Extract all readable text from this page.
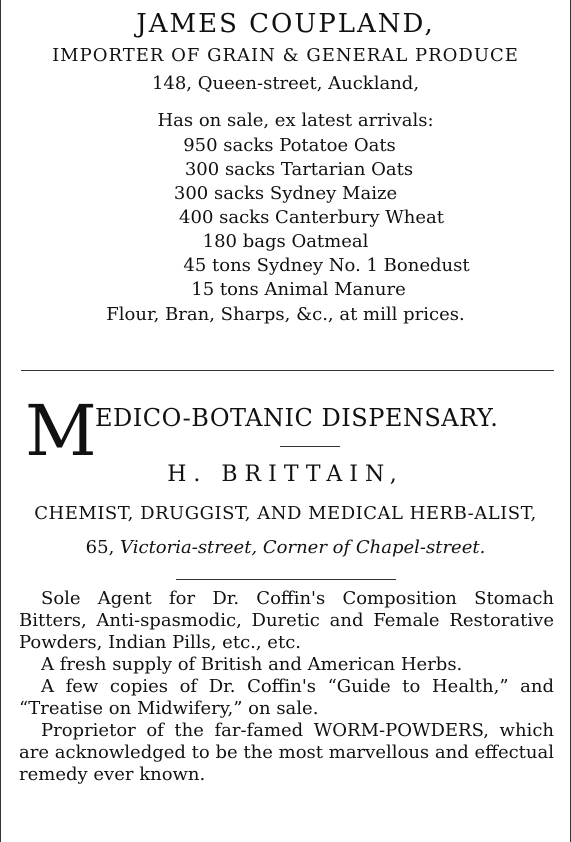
JAMES COUPLAND,
IMPORTER OF GRAIN & GENERAL PRODUCE
148, Queen-street, Auckland,
Has on sale, ex latest arrivals:
950 sacks Potatoe Oats
300 sacks Tartarian Oats
300 sacks Sydney Maize
400 sacks Canterbury Wheat
180 bags Oatmeal
45 tons Sydney No. 1 Bonedust
15 tons Animal Manure
Flour, Bran, Sharps, &c., at mill prices.
M
EDICO-BOTANIC DISPENSARY.
H. BRITTAIN,
CHEMIST, DRUGGIST, AND MEDICAL HERB-ALIST,
65, Victoria-street, Corner of Chapel-street.

Sole Agent for Dr. Coffin's Composition Stomach Bitters, Anti-spasmodic, Duretic and Female Restorative Powders, Indian Pills, etc., etc.

A fresh supply of British and American Herbs.

A few copies of Dr. Coffin's “Guide to Health,” and “Treatise on Midwifery,” on sale.

Proprietor of the far-famed WORM-POWDERS, which are acknowledged to be the most marvellous and effectual remedy ever known.
